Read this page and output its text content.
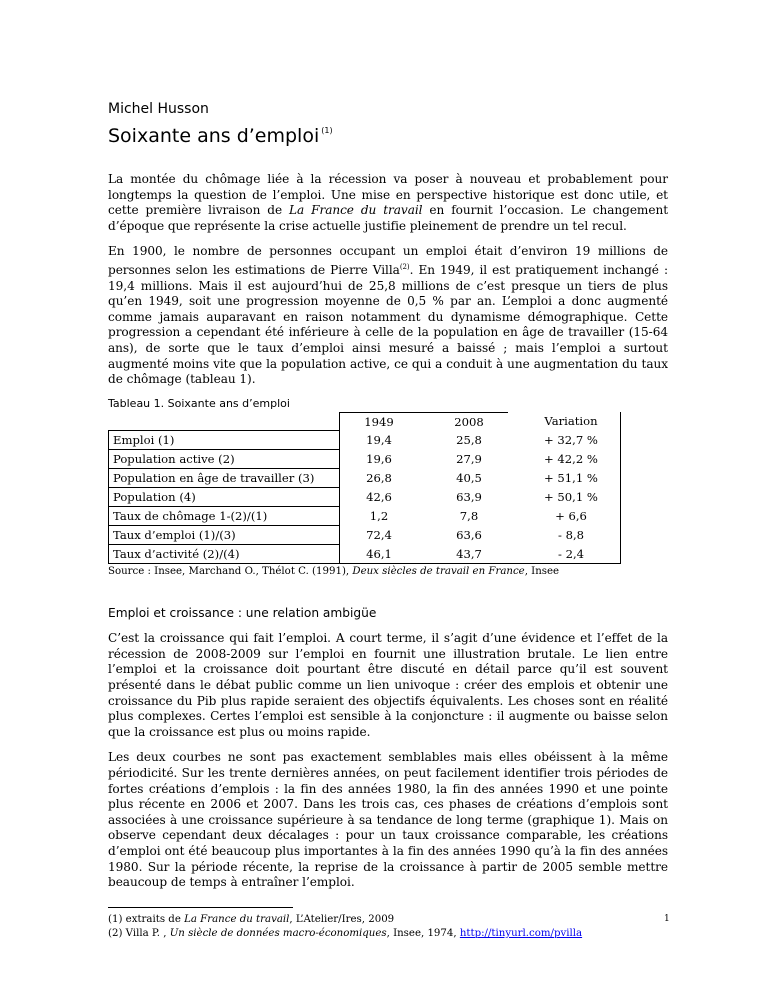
Michel Husson

Soixante ans d’emploi $^{(1)}$

La montée du chômage liée à la récession va poser à nouveau et probablement pour longtemps la question de l’emploi. Une mise en perspective historique est donc utile, et cette première livraison de La France du travail en fournit l’occasion. Le changement d’époque que représente la crise actuelle justifie pleinement de prendre un tel recul.

En 1900, le nombre de personnes occupant un emploi était d’environ 19 millions de personnes selon les estimations de Pierre Villa$^{(2)}$. En 1949, il est pratiquement inchangé : 19,4 millions. Mais il est aujourd’hui de 25,8 millions de c’est presque un tiers de plus qu’en 1949, soit une progression moyenne de 0,5 % par an. L’emploi a donc augmenté comme jamais auparavant en raison notamment du dynamisme démographique. Cette progression a cependant été inférieure à celle de la population en âge de travailler (15-64 ans), de sorte que le taux d’emploi ainsi mesuré a baissé ; mais l’emploi a surtout augmenté moins vite que la population active, ce qui a conduit à une augmentation du taux de chômage (tableau 1).

Tableau 1. Soixante ans d’emploi
	1949	2008	Variation
Emploi (1)	19,4	25,8	+ 32,7 %
Population active (2)	19,6	27,9	+ 42,2 %
Population en âge de travailler (3)	26,8	40,5	+ 51,1 %
Population (4)	42,6	63,9	+ 50,1 %
Taux de chômage 1-(2)/(1)	1,2	7,8	+ 6,6
Taux d’emploi (1)/(3)	72,4	63,6	- 8,8
Taux d’activité (2)/(4)	46,1	43,7	- 2,4
Source : Insee, Marchand O., Thélot C. (1991), Deux siècles de travail en France, Insee
Emploi et croissance : une relation ambigüe

C’est la croissance qui fait l’emploi. A court terme, il s’agit d’une évidence et l’effet de la récession de 2008-2009 sur l’emploi en fournit une illustration brutale. Le lien entre l’emploi et la croissance doit pourtant être discuté en détail parce qu’il est souvent présenté dans le débat public comme un lien univoque : créer des emplois et obtenir une croissance du Pib plus rapide seraient des objectifs équivalents. Les choses sont en réalité plus complexes. Certes l’emploi est sensible à la conjoncture : il augmente ou baisse selon que la croissance est plus ou moins rapide.

Les deux courbes ne sont pas exactement semblables mais elles obéissent à la même périodicité. Sur les trente dernières années, on peut facilement identifier trois périodes de fortes créations d’emplois : la fin des années 1980, la fin des années 1990 et une pointe plus récente en 2006 et 2007. Dans les trois cas, ces phases de créations d’emplois sont associées à une croissance supérieure à sa tendance de long terme (graphique 1). Mais on observe cependant deux décalages : pour un taux croissance comparable, les créations d’emploi ont été beaucoup plus importantes à la fin des années 1990 qu’à la fin des années 1980. Sur la période récente, la reprise de la croissance à partir de 2005 semble mettre beaucoup de temps à entraîner l’emploi.

(1) extraits de La France du travail, L’Atelier/Ires, 2009

(2) Villa P. , Un siècle de données macro-économiques, Insee, 1974, http://tinyurl.com/pvilla

1
